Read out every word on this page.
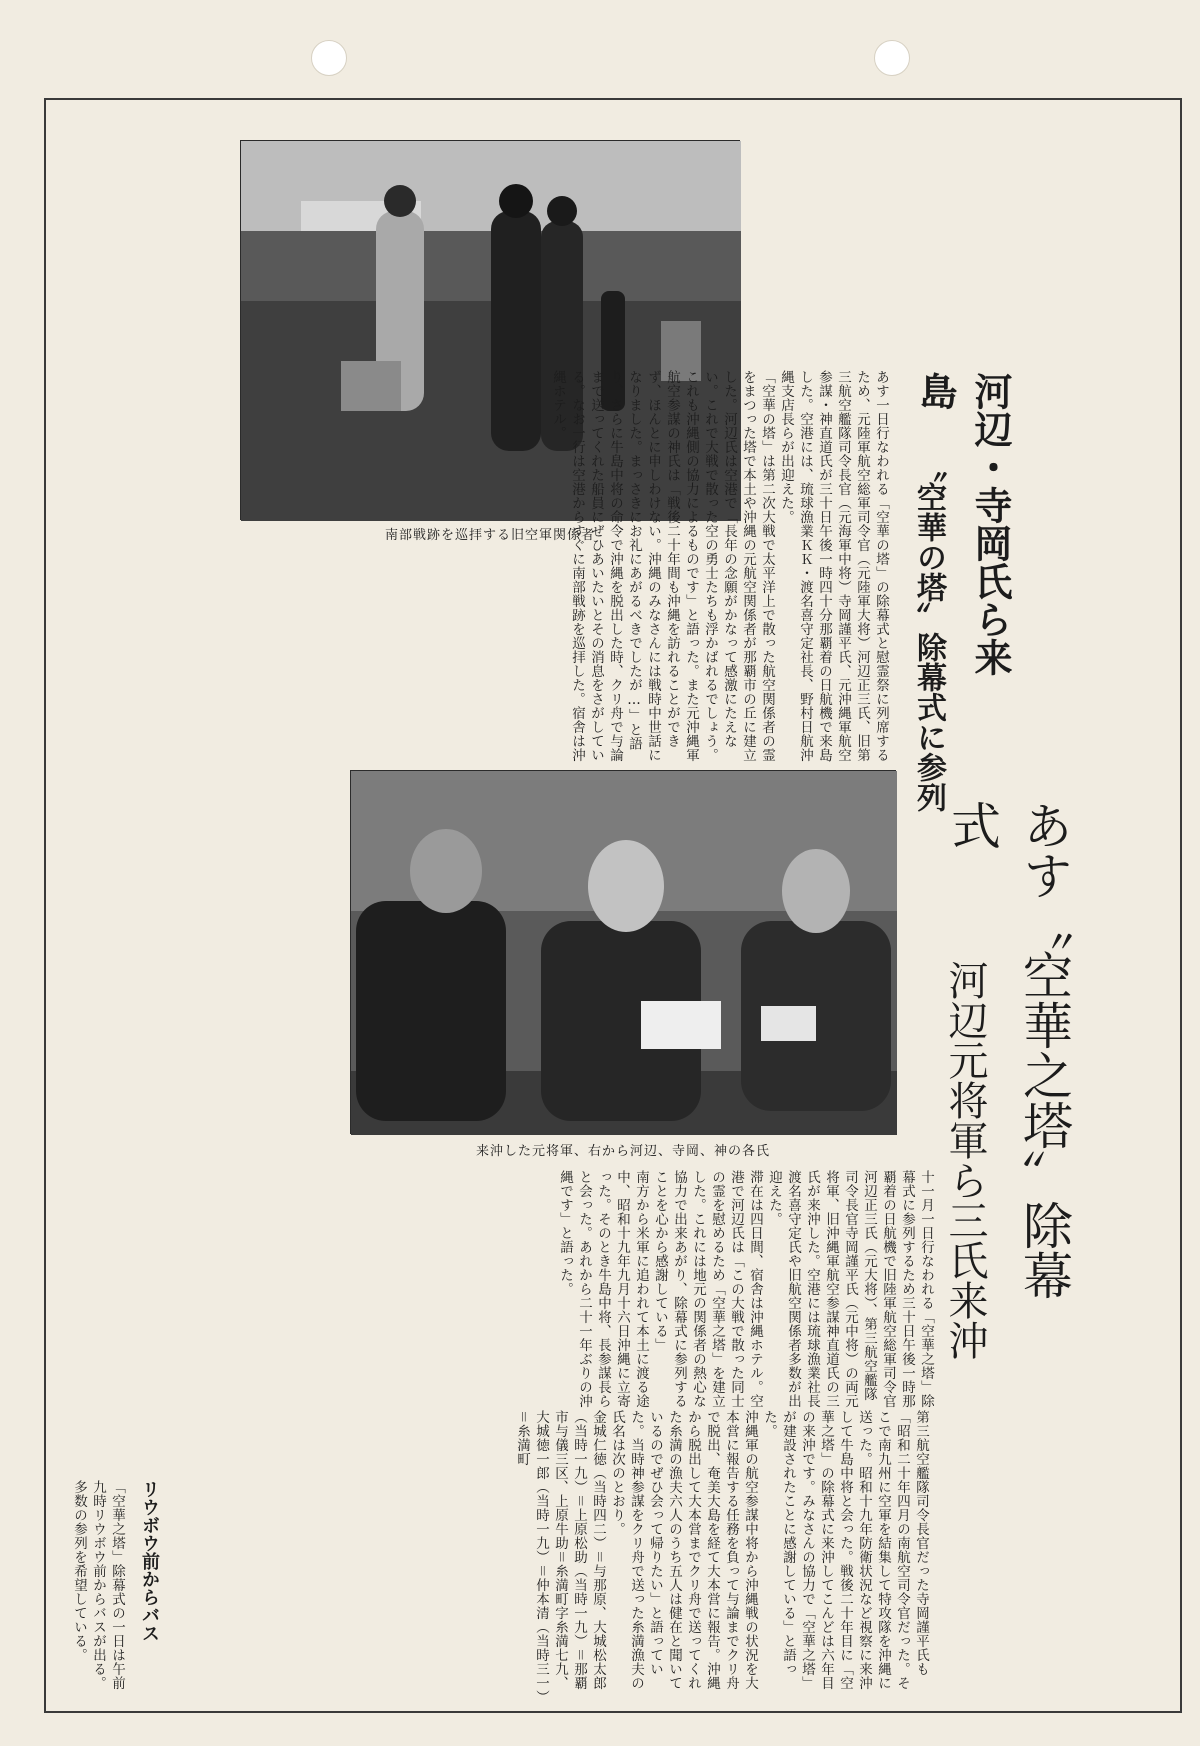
河辺・寺岡氏ら来島
〝空華の塔〟除幕式に参列
南部戦跡を巡拝する旧空軍関係者	あす一日行なわれる「空華の塔」の除幕式と慰霊祭に列席するため、元陸軍航空総軍司令官（元陸軍大将）河辺正三氏、旧第三航空艦隊司令長官（元海軍中将）寺岡謹平氏、元沖縄軍航空参謀・神直道氏が三十日午後一時四十分那覇着の日航機で来島した。空港には、琉球漁業ＫＫ・渡名喜守定社長、野村日航沖縄支店長らが出迎えた。
「空華の塔」は第二次大戦で太平洋上で散った航空関係者の霊をまつった塔で本土や沖縄の元航空関係者が那覇市の丘に建立した。河辺氏は空港で「長年の念願がかなって感激にたえない。これで大戦で散った空の勇士たちも浮かばれるでしょう。これも沖縄側の協力によるものです」と語った。また元沖縄軍航空参謀の神氏は「戦後二十年間も沖縄を訪れることができず、ほんとに申しわけない。沖縄のみなさんには戦時中世話になりました。まっさきにお礼にあがるべきでしたが…」と語り、さらに牛島中将の命令で沖縄を脱出した時、クリ舟で与論まで送ってくれた船員にぜひあいたいとその消息をさがしている。なお一行は空港からすぐに南部戦跡を巡拝した。宿舎は沖縄ホテル。
来沖した元将軍、右から河辺、寺岡、神の各氏	あす〝空華之塔〟除幕式
河辺元将軍ら三氏来沖
十一月一日行なわれる「空華之塔」除幕式に参列するため三十日午後一時那覇着の日航機で旧陸軍航空総軍司令官河辺正三氏（元大将）、第三航空艦隊司令長官寺岡謹平氏（元中将）の両元将軍、旧沖縄軍航空参謀神直道氏の三氏が来沖した。空港には琉球漁業社長渡名喜守定氏や旧航空関係者多数が出迎えた。
滞在は四日間、宿舎は沖縄ホテル。空港で河辺氏は「この大戦で散った同士の霊を慰めるため「空華之塔」を建立した。これには地元の関係者の熱心な協力で出来あがり、除幕式に参列することを心から感謝している」
南方から米軍に追われて本土に渡る途中、昭和十九年九月十六日沖縄に立寄った。そのとき牛島中将、長参謀長らと会った。あれから二十一年ぶりの沖縄です」と語った。
第三航空艦隊司令長官だった寺岡謹平氏も「昭和二十年四月の南航空司令官だった。そこで南九州に空軍を結集して特攻隊を沖縄に送った。昭和十九年防衛状況など視察に来沖して牛島中将と会った。戦後二十年目に「空華之塔」の除幕式に来沖してこんどは六年目の来沖です。みなさんの協力で「空華之塔」が建設されたことに感謝している」と語った。
沖縄軍の航空参謀中将から沖縄戦の状況を大本営に報告する任務を負って与論までクリ舟で脱出、奄美大島を経て大本営に報告。沖縄から脱出して大本営までクリ舟で送ってくれた糸満の漁夫六人のうち五人は健在と聞いているのでぜひ会って帰りたい」と語っていた。当時神参謀をクリ舟で送った糸満漁夫の氏名は次のとおり。
金城仁徳（当時四二）＝与那原、大城松太郎（当時一九）＝上原松助（当時一九）＝那覇市与儀三区、上原牛助＝糸満町字糸満七九、大城徳一郎（当時一九）＝仲本清（当時三一）＝糸満町
リウボウ前からバス
「空華之塔」除幕式の一日は午前九時リウボウ前からバスが出る。多数の参列を希望している。
